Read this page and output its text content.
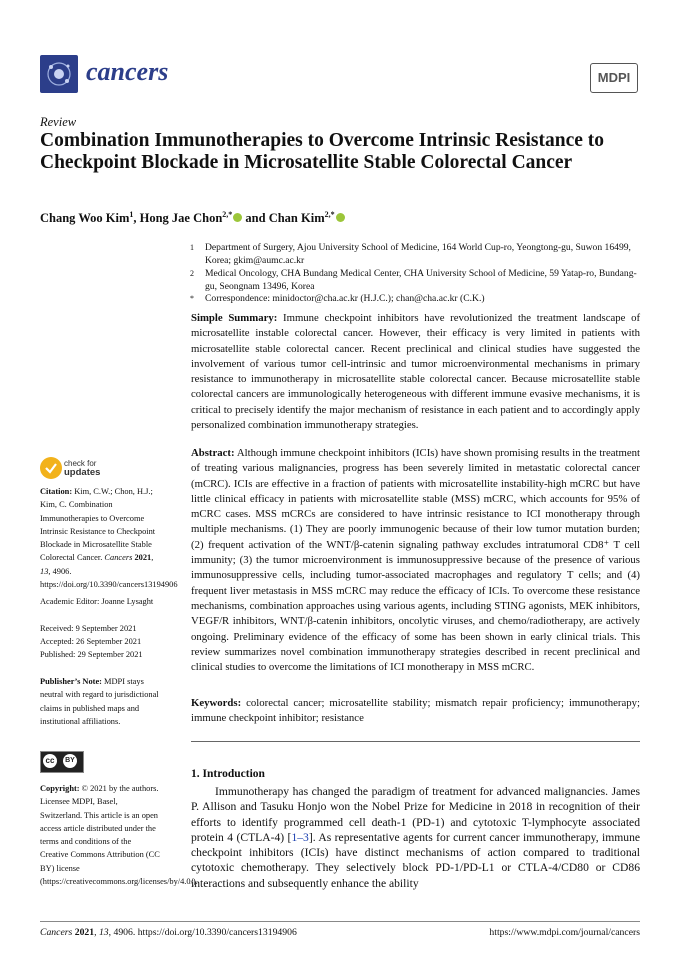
cancers	MDPI
Review
Combination Immunotherapies to Overcome Intrinsic Resistance to Checkpoint Blockade in Microsatellite Stable Colorectal Cancer
Chang Woo Kim$^1$, Hong Jae Chon$^{2,*}$ and Chan Kim$^{2,*}$
1 Department of Surgery, Ajou University School of Medicine, 164 World Cup-ro, Yeongtong-gu, Suwon 16499, Korea; gkim@aumc.ac.kr
2 Medical Oncology, CHA Bundang Medical Center, CHA University School of Medicine, 59 Yatap-ro, Bundang-gu, Seongnam 13496, Korea
* Correspondence: minidoctor@cha.ac.kr (H.J.C.); chan@cha.ac.kr (C.K.)
Simple Summary: Immune checkpoint inhibitors have revolutionized the treatment landscape of microsatellite instable colorectal cancer. However, their efficacy is very limited in patients with microsatellite stable colorectal cancer. Recent preclinical and clinical studies have suggested the involvement of various tumor cell-intrinsic and tumor microenvironmental mechanisms in primary resistance to immunotherapy in microsatellite stable colorectal cancer. Because microsatellite stable colorectal cancers are immunologically heterogeneous with different immune evasive mechanisms, it is critical to precisely identify the major mechanism of resistance in each patient and to accordingly apply personalized combination immunotherapy strategies.
Abstract: Although immune checkpoint inhibitors (ICIs) have shown promising results in the treatment of treating various malignancies, progress has been severely limited in metastatic colorectal cancer (mCRC). ICIs are effective in a fraction of patients with microsatellite instability-high mCRC but have little clinical efficacy in patients with microsatellite stable (MSS) mCRC, which accounts for 95% of mCRC cases. MSS mCRCs are considered to have intrinsic resistance to ICI monotherapy through multiple mechanisms. (1) They are poorly immunogenic because of their low tumor mutation burden; (2) frequent activation of the WNT/β-catenin signaling pathway excludes intratumoral CD8⁺ T cell immunity; (3) the tumor microenvironment is immunosuppressive because of the presence of various immunosuppressive cells, including tumor-associated macrophages and regulatory T cells; and (4) frequent liver metastasis in MSS mCRC may reduce the efficacy of ICIs. To overcome these resistance mechanisms, combination approaches using various agents, including STING agonists, MEK inhibitors, VEGF/R inhibitors, WNT/β-catenin inhibitors, oncolytic viruses, and chemo/radiotherapy, are actively ongoing. Preliminary evidence of the efficacy of some has been shown in early clinical trials. This review summarizes novel combination immunotherapy strategies described in recent preclinical and clinical studies to overcome the limitations of ICI monotherapy in MSS mCRC.
Keywords: colorectal cancer; microsatellite stability; mismatch repair proficiency; immunotherapy; immune checkpoint inhibitor; resistance
1. Introduction
Immunotherapy has changed the paradigm of treatment for advanced malignancies. James P. Allison and Tasuku Honjo won the Nobel Prize for Medicine in 2018 in recognition of their efforts to identify programmed cell death-1 (PD-1) and cytotoxic T-lymphocyte associated protein 4 (CTLA-4) [1–3]. As representative agents for current cancer immunotherapy, immune checkpoint inhibitors (ICIs) have distinct mechanisms of action compared to traditional cytotoxic chemotherapy. They selectively block PD-1/PD-L1 or CTLA-4/CD80 or CD86 interactions and subsequently enhance the ability
check for
updates
Citation: Kim, C.W.; Chon, H.J.; Kim, C. Combination Immunotherapies to Overcome Intrinsic Resistance to Checkpoint Blockade in Microsatellite Stable Colorectal Cancer. Cancers 2021, 13, 4906. https://doi.org/10.3390/cancers13194906
Academic Editor: Joanne Lysaght
Received: 9 September 2021
Accepted: 26 September 2021
Published: 29 September 2021
Publisher’s Note: MDPI stays neutral with regard to jurisdictional claims in published maps and institutional affiliations.
cc	BY
Copyright: © 2021 by the authors. Licensee MDPI, Basel, Switzerland. This article is an open access article distributed under the terms and conditions of the Creative Commons Attribution (CC BY) license (https://creativecommons.org/licenses/by/4.0/).
Cancers 2021, 13, 4906. https://doi.org/10.3390/cancers13194906	https://www.mdpi.com/journal/cancers
